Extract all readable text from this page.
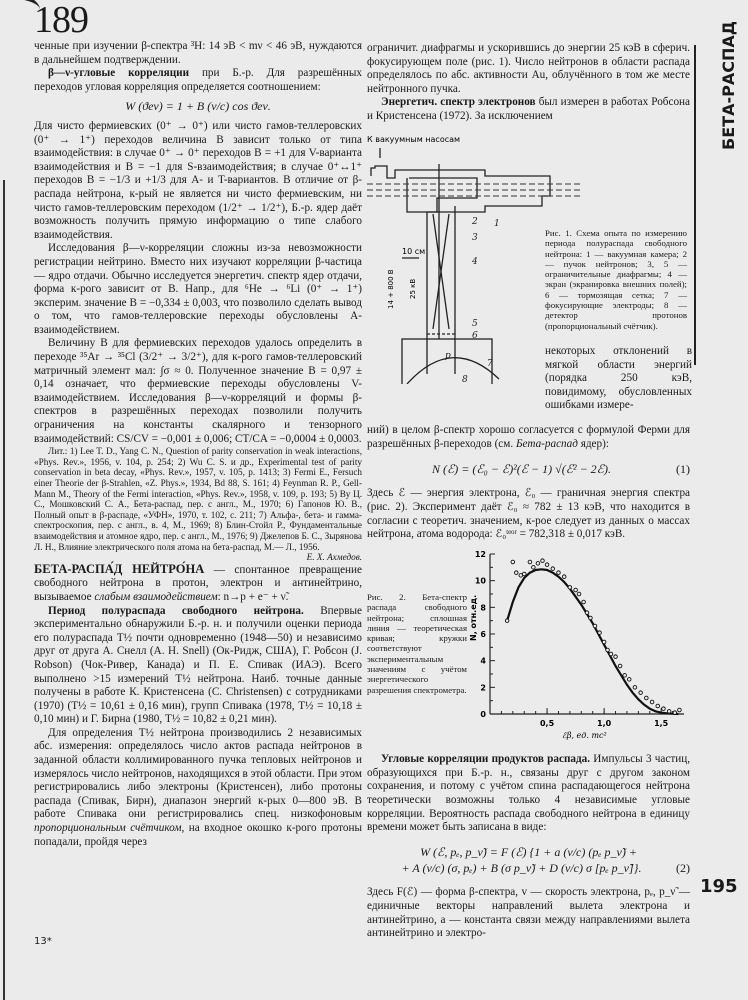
189

ченные при изучении β-спектра ³H: 14 эВ < mν < 46 эВ, нуждаются в дальнейшем подтверждении.

β—ν-угловые корреляции при Б.-р. Для разрешённых переходов угловая корреляция определяется соотношением:

W (ϑeν) = 1 + B (v/c) cos ϑeν.

Для чисто фермиевских (0⁺ → 0⁺) или чисто гамов-теллеровских (0⁺ → 1⁺) переходов величина B зависит только от типа взаимодействия: в случае 0⁺ → 0⁺ переходов B = +1 для V-варианта взаимодействия и B = −1 для S-взаимодействия; в случае 0⁺↔1⁺ переходов B = −1/3 и +1/3 для A- и T-вариантов. В отличие от β-распада нейтрона, к-рый не является ни чисто фермиевским, ни чисто гамов-теллеровским переходом (1/2⁺ → 1/2⁺), Б.-р. ядер даёт возможность получить прямую информацию о типе слабого взаимодействия.

Исследования β—ν-корреляции сложны из-за невозможности регистрации нейтрино. Вместо них изучают корреляции β-частица — ядро отдачи. Обычно исследуется энергетич. спектр ядер отдачи, форма к-рого зависит от B. Напр., для ⁶He → ⁶Li (0⁺ → 1⁺) эксперим. значение B = −0,334 ± 0,003, что позволило сделать вывод о том, что гамов-теллеровские переходы обусловлены A-взаимодействием.

Величину B для фермиевских переходов удалось определить в переходе ³⁵Ar → ³⁵Cl (3/2⁺ → 3/2⁺), для к-рого гамов-теллеровский матричный элемент мал: ∫σ ≈ 0. Полученное значение B = 0,97 ± 0,14 означает, что фермиевские переходы обусловлены V-взаимодействием. Исследования β—ν-корреляций и формы β-спектров в разрешённых переходах позволили получить ограничения на константы скалярного и тензорного взаимодействий: CS/CV = −0,001 ± 0,006; CT/CA = −0,0004 ± 0,0003.

Лит.: 1) Lee T. D., Yang C. N., Question of parity conservation in weak interactions, «Phys. Rev.», 1956, v. 104, p. 254; 2) Wu C. S. и др., Experimental test of parity conservation in beta decay, «Phys. Rev.», 1957, v. 105, p. 1413; 3) Fermi E., Fersuch einer Theorie der β-Strahlen, «Z. Phys.», 1934, Bd 88, S. 161; 4) Feynman R. P., Gell-Mann M., Theory of the Fermi interaction, «Phys. Rev.», 1958, v. 109, p. 193; 5) Ву Ц. С., Мошковский С. А., Бета-распад, пер. с англ., М., 1970; 6) Гапонов Ю. В., Полный опыт в β-распаде, «УФН», 1970, т. 102, с. 211; 7) Альфа-, бета- и гамма-спектроскопия, пер. с англ., в. 4, М., 1969; 8) Блин-Стойл Р., Фундаментальные взаимодействия и атомное ядро, пер. с англ., М., 1976; 9) Джелепов Б. С., Зырянова Л. Н., Влияние электрического поля атома на бета-распад, М.— Л., 1956.
Е. Х. Ахмедов.

БЕТА-РАСПА́Д НЕЙТРО́НА — спонтанное превращение свободного нейтрона в протон, электрон и антинейтрино, вызываемое слабым взаимодействием: n→p + e⁻ + ν̃.

Период полураспада свободного нейтрона. Впервые экспериментально обнаружили Б.-р. н. и получили оценки периода его полураспада T½ почти одновременно (1948—50) и независимо друг от друга А. Снелл (A. H. Snell) (Ок-Ридж, США), Г. Робсон (J. Robson) (Чок-Ривер, Канада) и П. Е. Спивак (ИАЭ). Всего выполнено >15 измерений T½ нейтрона. Наиб. точные данные получены в работе К. Кристенсена (C. Christensen) с сотрудниками (1970) (T½ = 10,61 ± 0,16 мин), групп Спивака (1978, T½ = 10,18 ± 0,10 мин) и Г. Бирна (1980, T½ = 10,82 ± 0,21 мин).

Для определения T½ нейтрона производились 2 независимых абс. измерения: определялось число актов распада нейтронов в заданной области коллимированного пучка тепловых нейтронов и измерялось число нейтронов, находящихся в этой области. При этом регистрировались либо электроны (Кристенсен), либо протоны распада (Спивак, Бирн), диапазон энергий к-рых 0—800 эВ. В работе Спивака они регистрировались спец. низкофоновым пропорциональным счётчиком, на входное окошко к-рого протоны попадали, пройдя через

13*

ограничит. диафрагмы и ускорившись до энергии 25 кэВ в сферич. фокусирующем поле (рис. 1). Число нейтронов в области распада определялось по абс. активности Au, облучённого в том же месте нейтронного пучка.

Энергетич. спектр электронов был измерен в работах Робсона и Кристенсена (1972). За исключением

К вакуумным насосам
2 1
3
4
5
6
7
8
p
10 см
14 + 800 В 25 кВ
Рис. 1. Схема опыта по измерению периода полураспада свободного нейтрона: 1 — вакуумная камера; 2 — пучок нейтронов; 3, 5 — ограничительные диафрагмы; 4 — экран (экранировка внешних полей); 6 — тормозящая сетка; 7 — фокусирующие электроды; 8 — детектор протонов (пропорциональный счётчик).
некоторых отклонений в мягкой области энергий (порядка 250 кэВ, повидимому, обусловленных ошибками измере-

ний) в целом β-спектр хорошо согласуется с формулой Ферми для разрешённых β-переходов (см. Бета-распад ядер):

N (ℰ) = (ℰ₀ − ℰ)²(ℰ − 1) √(ℰ² − 2ℰ).	(1)

Здесь ℰ — энергия электрона, ℰ₀ — граничная энергия спектра (рис. 2). Эксперимент даёт ℰ₀ ≈ 782 ± 13 кэВ, что находится в согласии с теоретич. значением, к-рое следует из данных о массах нейтрона, атома водорода: ℰ₀ᵗᵉᵒʳ = 782,318 ± 0,017 кэВ.

Рис. 2. Бета-спектр распада свободного нейтрона; сплошная линия — теоретическая кривая; кружки соответствуют экспериментальным значениям с учётом энергетического разрешения спектрометра.
0
2
4
6
8
10
12
0,5	1,0	1,5
N, отн.ед.
ℰβ, ед. mc²

Угловые корреляции продуктов распада. Импульсы 3 частиц, образующихся при Б.-р. н., связаны друг с другом законом сохранения, и потому с учётом спина распадающегося нейтрона теоретически возможны только 4 независимые угловые корреляции. Вероятность распада свободного нейтрона в единицу времени может быть записана в виде:

W (ℰ, pₑ, p_ν̃) = F (ℰ) {1 + a (v/c) (pₑ p_ν̃) +
+ A (v/c) (σ, pₑ) + B (σ p_ν̃) + D (v/c) σ [pₑ p_ν̃]}.	(2)

Здесь F(ℰ) — форма β-спектра, v — скорость электрона, pₑ, p_ν̃ — единичные векторы направлений вылета электрона и антинейтрино, a — константа связи между направлениями вылета антинейтрино и электро-

БЕТА-РАСПАД
195
